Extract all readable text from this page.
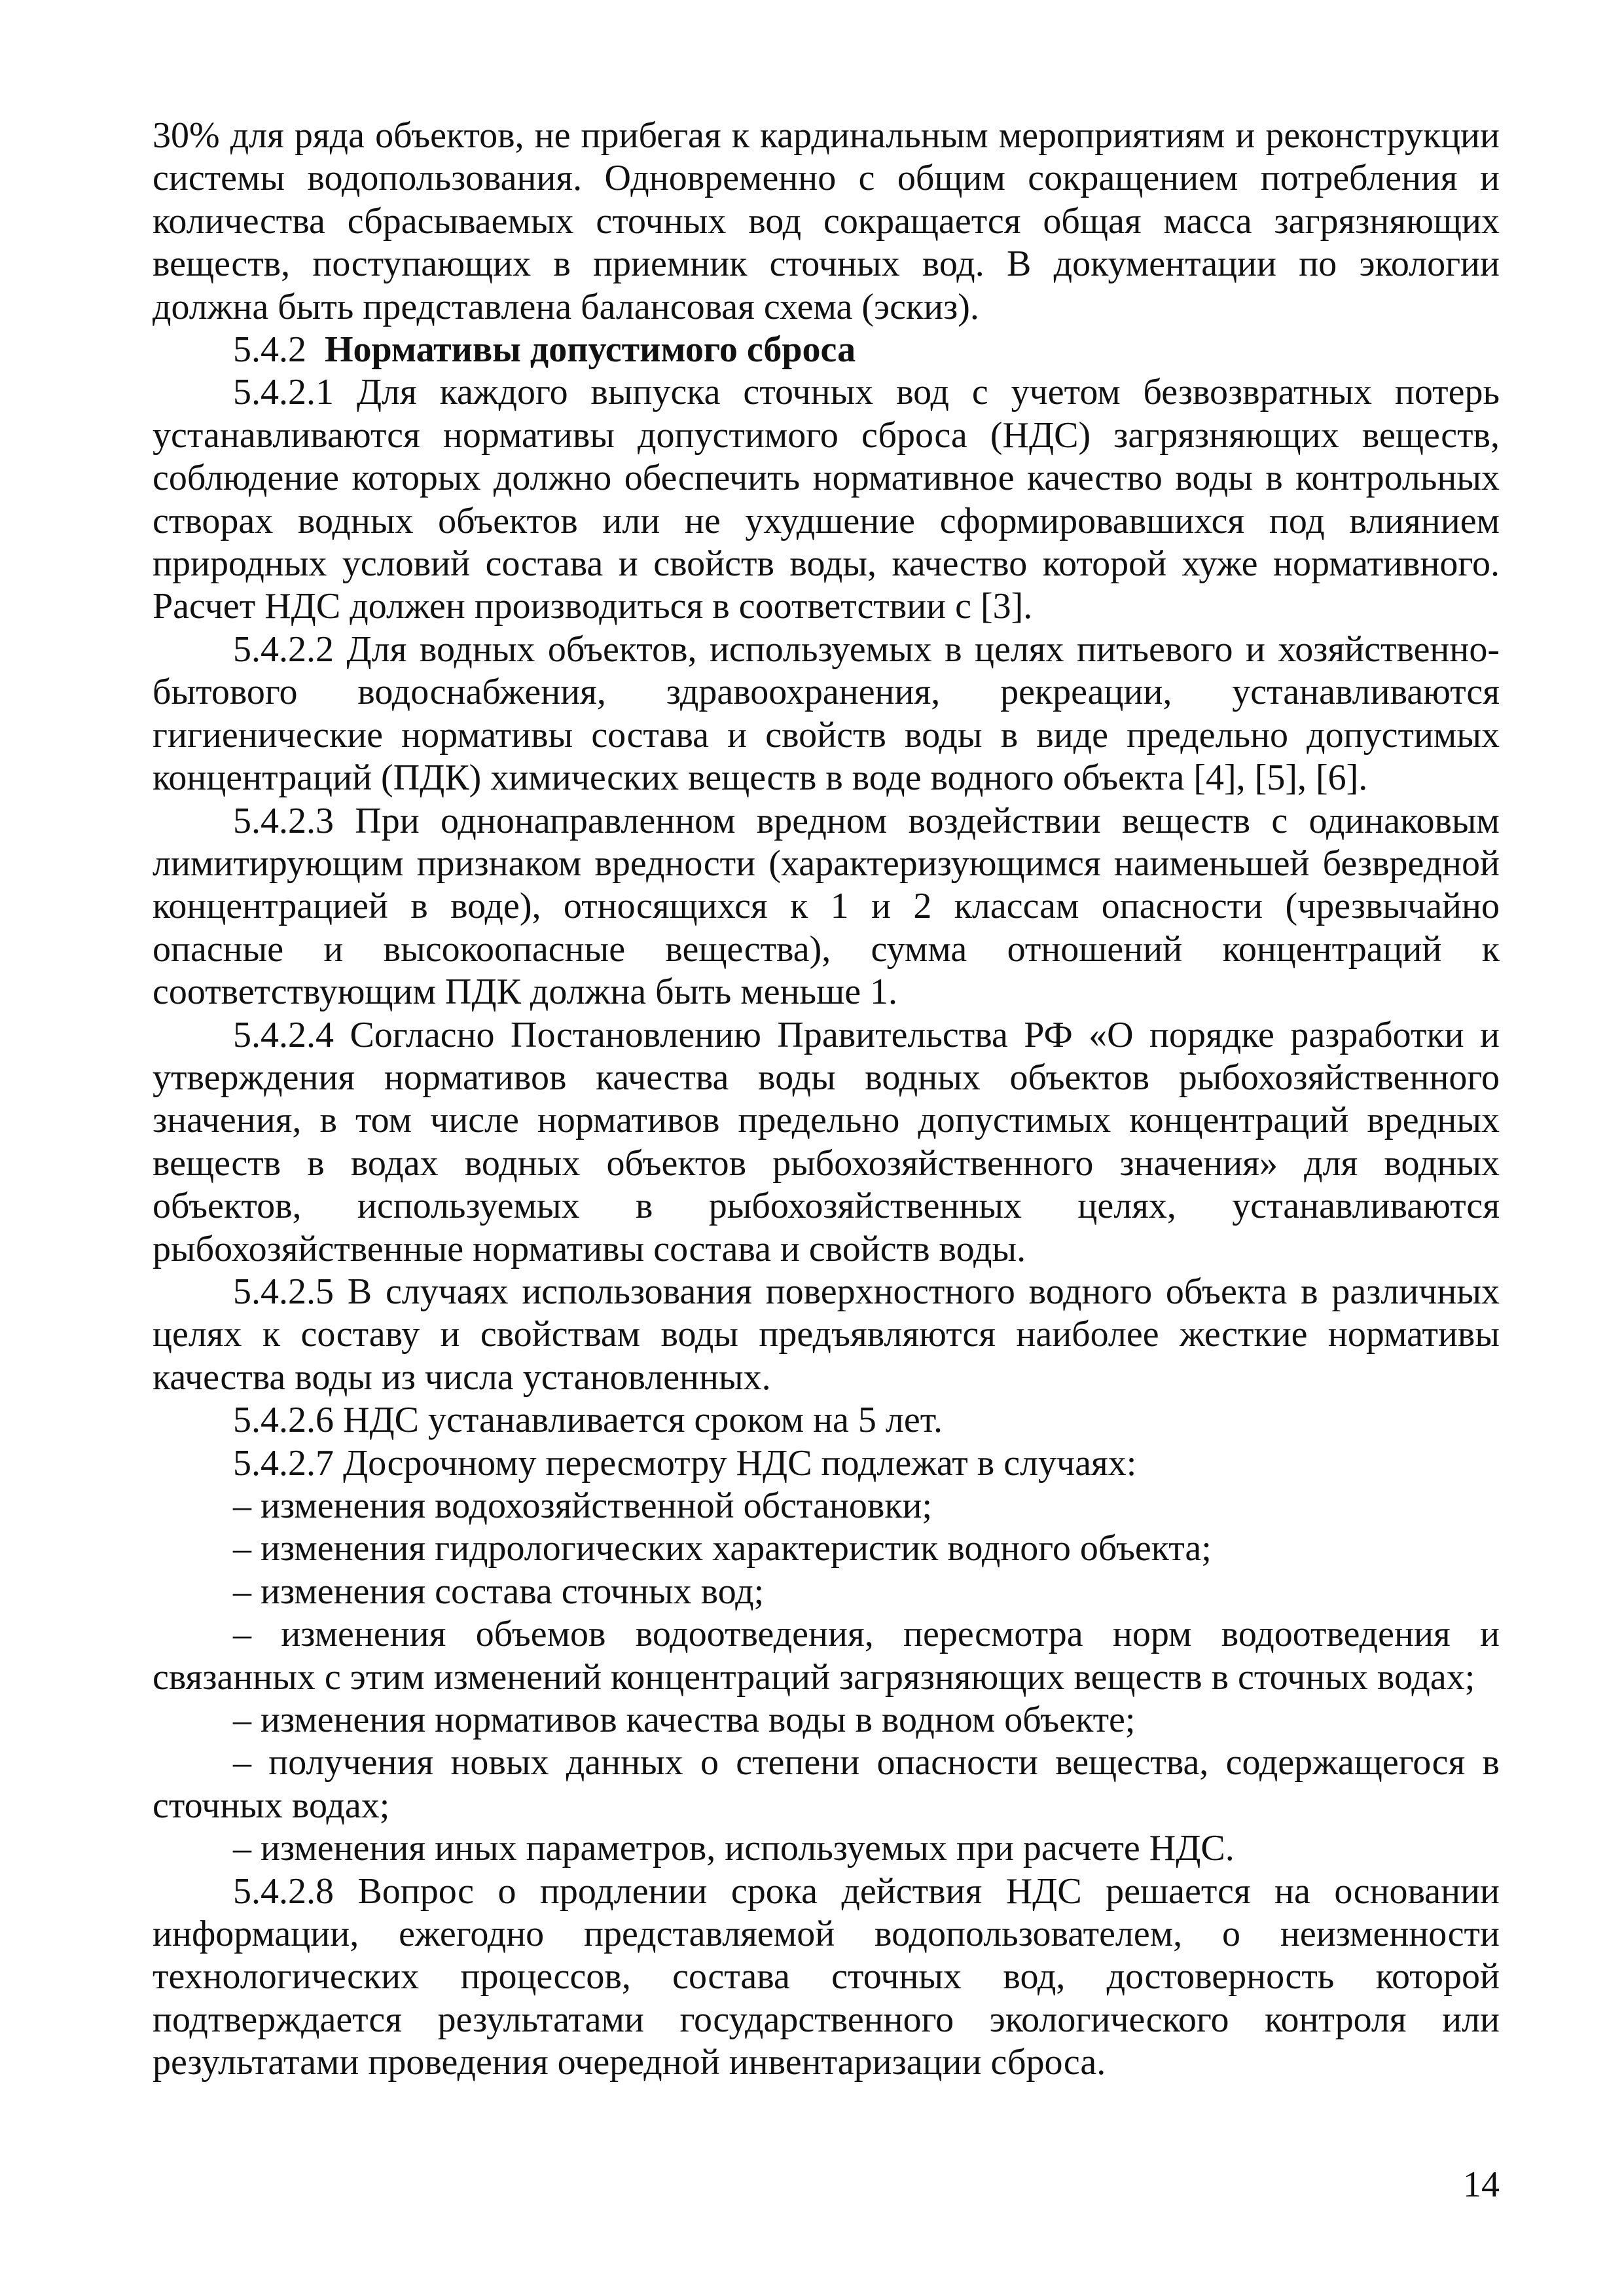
30% для ряда объектов, не прибегая к кардинальным мероприятиям и реконструкции системы водопользования. Одновременно с общим сокращением потребления и количества сбрасываемых сточных вод сокращается общая масса загрязняющих веществ, поступающих в приемник сточных вод. В документации по экологии должна быть представлена балансовая схема (эскиз).

5.4.2 Нормативы допустимого сброса

5.4.2.1 Для каждого выпуска сточных вод с учетом безвозвратных потерь устанавливаются нормативы допустимого сброса (НДС) загрязняющих веществ, соблюдение которых должно обеспечить нормативное качество воды в контрольных створах водных объектов или не ухудшение сформировавшихся под влиянием природных условий состава и свойств воды, качество которой хуже нормативного. Расчет НДС должен производиться в соответствии с [3].

5.4.2.2 Для водных объектов, используемых в целях питьевого и хозяйственно-бытового водоснабжения, здравоохранения, рекреации, устанавливаются гигиенические нормативы состава и свойств воды в виде предельно допустимых концентраций (ПДК) химических веществ в воде водного объекта [4], [5], [6].

5.4.2.3 При однонаправленном вредном воздействии веществ с одинаковым лимитирующим признаком вредности (характеризующимся наименьшей безвредной концентрацией в воде), относящихся к 1 и 2 классам опасности (чрезвычайно опасные и высокоопасные вещества), сумма отношений концентраций к соответствующим ПДК должна быть меньше 1.

5.4.2.4 Согласно Постановлению Правительства РФ «О порядке разработки и утверждения нормативов качества воды водных объектов рыбохозяйственного значения, в том числе нормативов предельно допустимых концентраций вредных веществ в водах водных объектов рыбохозяйственного значения» для водных объектов, используемых в рыбохозяйственных целях, устанавливаются рыбохозяйственные нормативы состава и свойств воды.

5.4.2.5 В случаях использования поверхностного водного объекта в различных целях к составу и свойствам воды предъявляются наиболее жесткие нормативы качества воды из числа установленных.

5.4.2.6 НДС устанавливается сроком на 5 лет.

5.4.2.7 Досрочному пересмотру НДС подлежат в случаях:

– изменения водохозяйственной обстановки;

– изменения гидрологических характеристик водного объекта;

– изменения состава сточных вод;

– изменения объемов водоотведения, пересмотра норм водоотведения и связанных с этим изменений концентраций загрязняющих веществ в сточных водах;

– изменения нормативов качества воды в водном объекте;

– получения новых данных о степени опасности вещества, содержащегося в сточных водах;

– изменения иных параметров, используемых при расчете НДС.

5.4.2.8 Вопрос о продлении срока действия НДС решается на основании информации, ежегодно представляемой водопользователем, о неизменности технологических процессов, состава сточных вод, достоверность которой подтверждается результатами государственного экологического контроля или результатами проведения очередной инвентаризации сброса.

14
